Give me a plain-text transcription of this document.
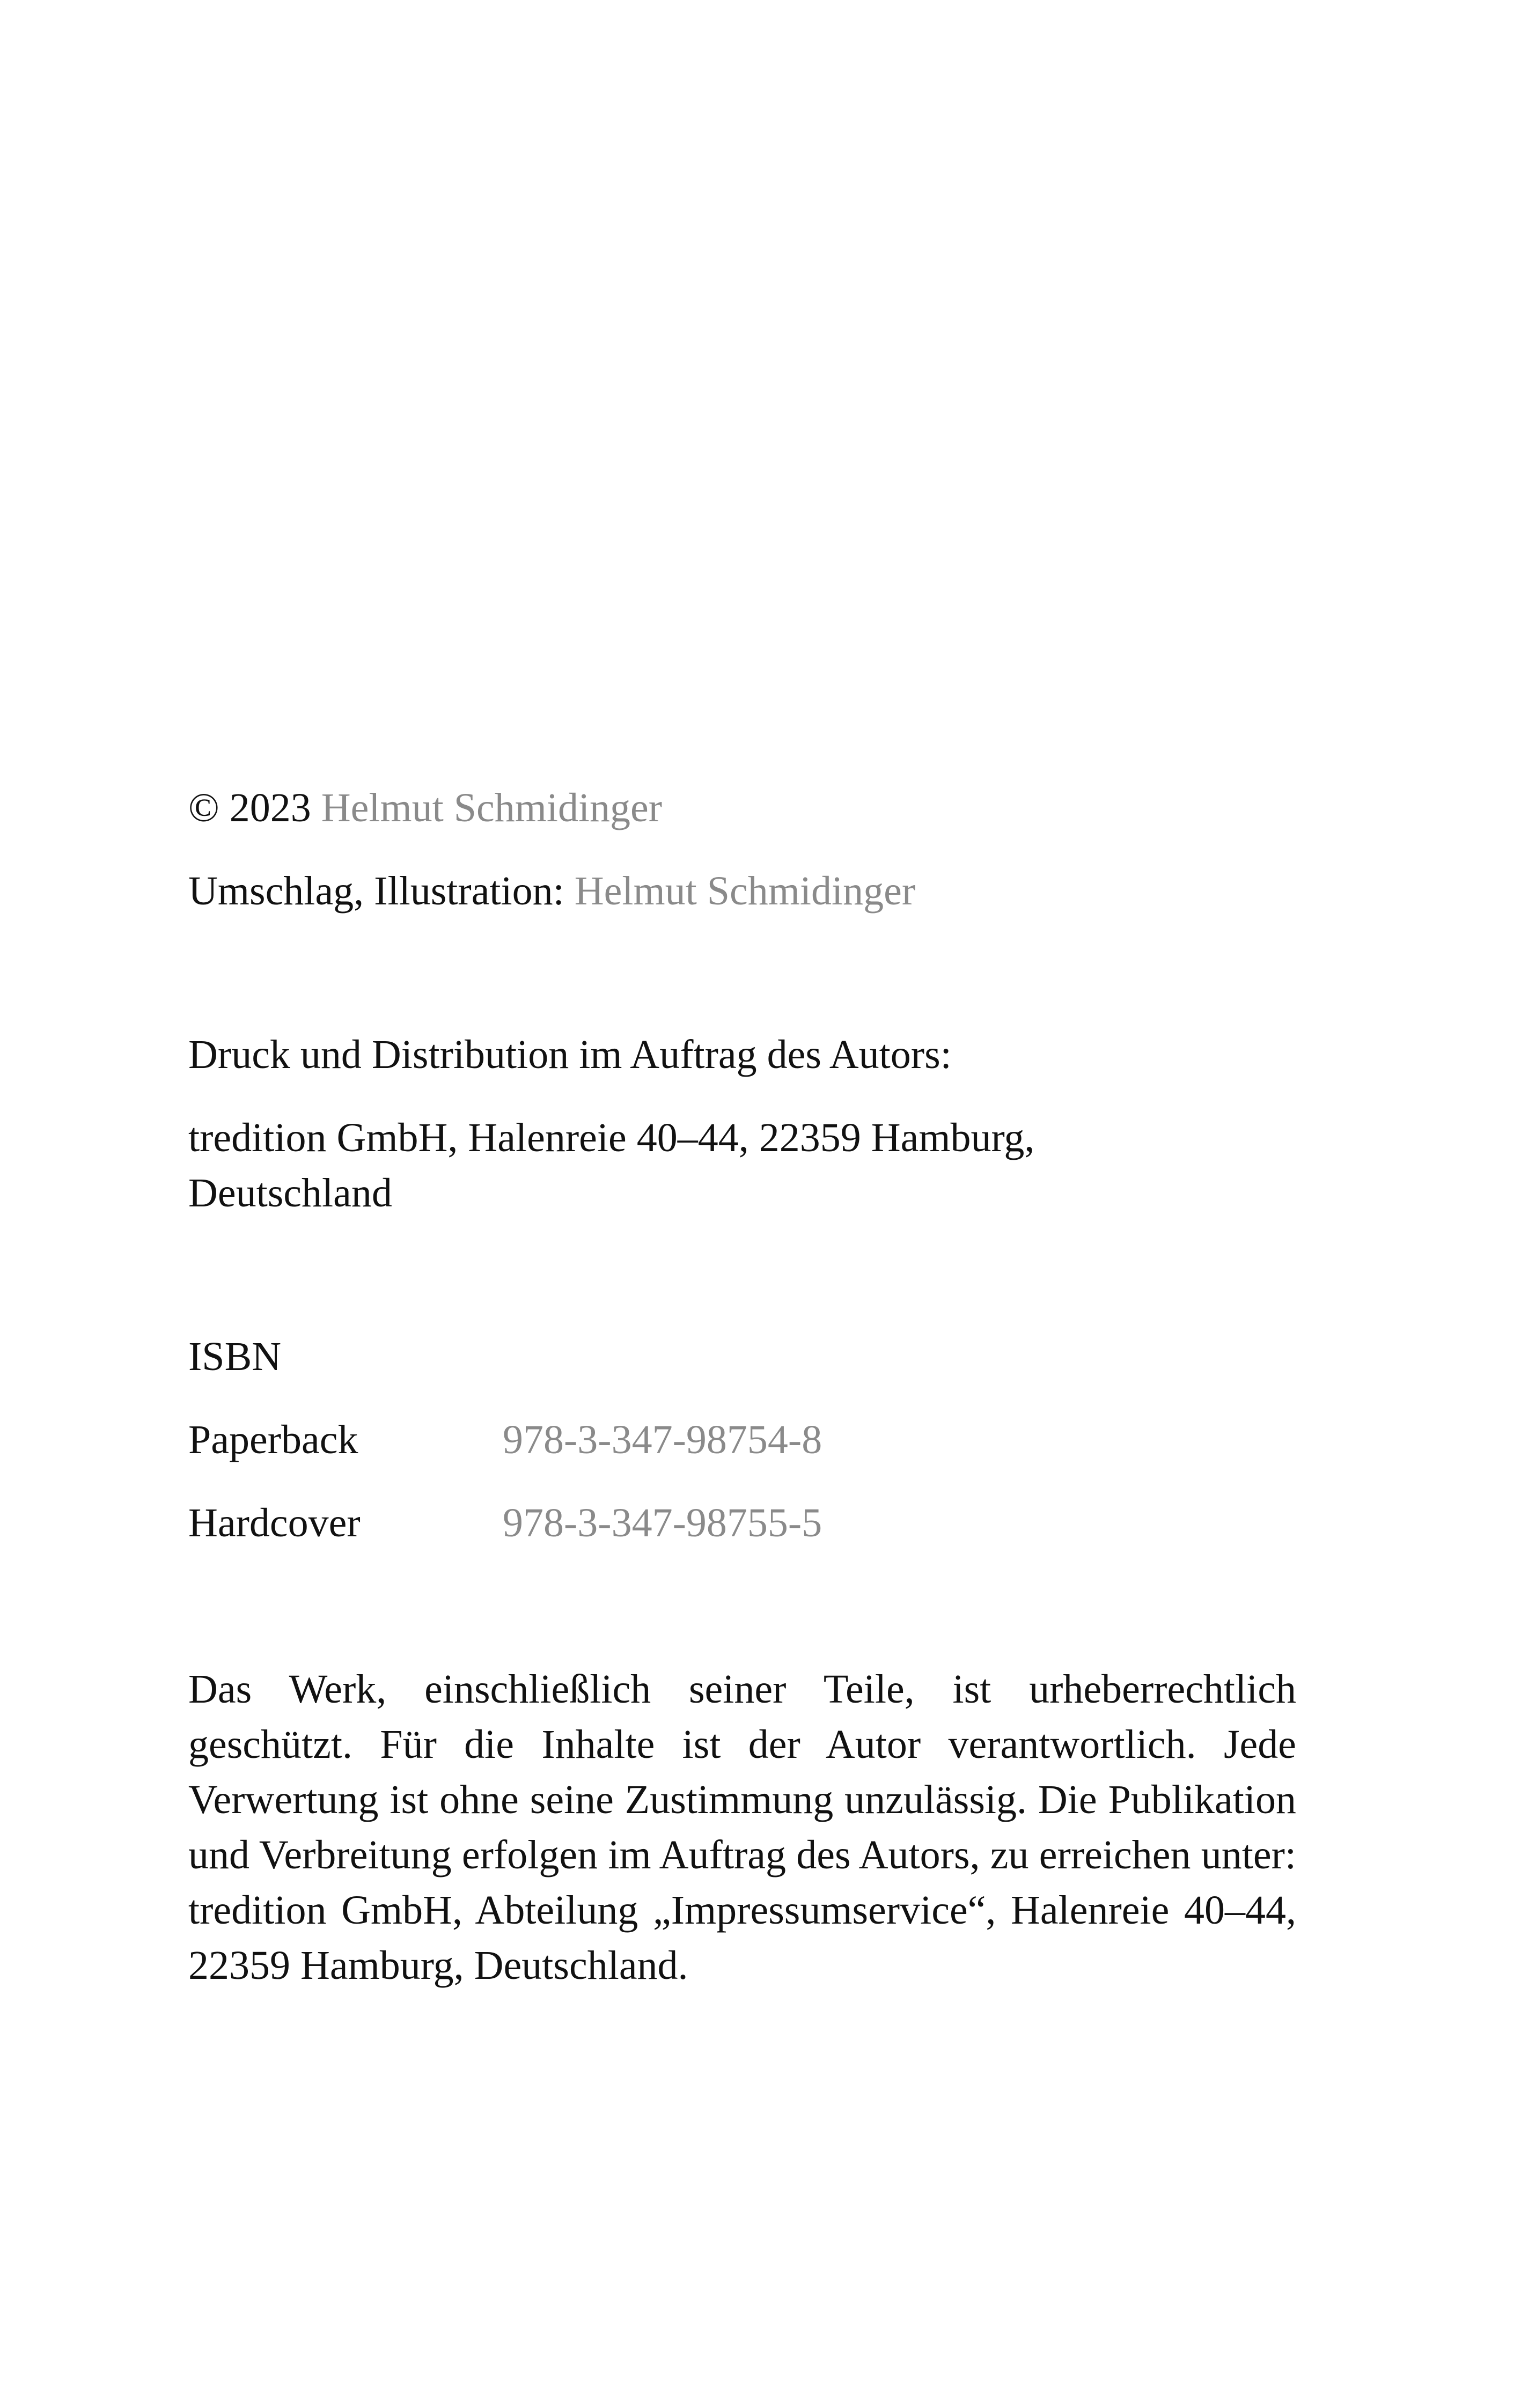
© 2023 Helmut Schmidinger
Umschlag, Illustration: Helmut Schmidinger
Druck und Distribution im Auftrag des Autors:
tredition GmbH, Halenreie 40–44, 22359 Hamburg,
Deutschland
ISBN
Paperback	978-3-347-98754-8
Hardcover	978-3-347-98755-5

Das Werk, einschließlich seiner Teile, ist urheberrechtlich geschützt. Für die Inhalte ist der Autor verantwortlich. Jede Verwertung ist ohne seine Zustimmung unzulässig. Die Publikation und Verbreitung erfolgen im Auftrag des Autors, zu erreichen unter: tredition GmbH, Abteilung „Impressumservice“, Halenreie 40–44, 22359 Hamburg, Deutschland.
